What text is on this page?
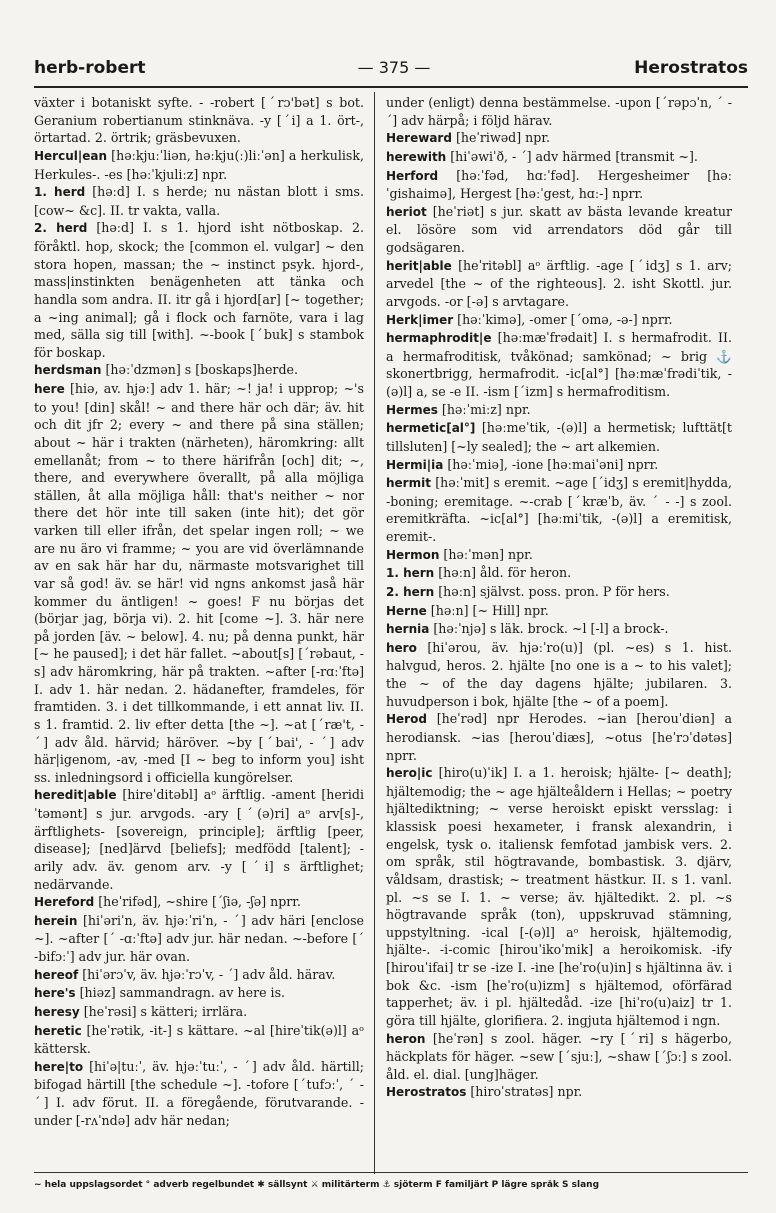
herb-robert	— 375 —	Herostratos

växter i botaniskt syfte. - -robert [ˊrɔ'bət] s bot. Geranium robertianum stinknäva. -y [ˊi] a 1. ört-, örtartad. 2. örtrik; gräsbevuxen.

Hercul|ean [həːkjuːˈliən, həːkju(ː)liːˈən] a herkulisk, Herkules-. -es [həːˈkjuliːz] npr.

1. herd [həːd] I. s herde; nu nästan blott i sms. [cow~ &c]. II. tr vakta, valla.

2. herd [həːd] I. s 1. hjord isht nötboskap. 2. föråktl. hop, skock; the [common el. vulgar] ~ den stora hopen, massan; the ~ instinct psyk. hjord-, mass|instinkten benägenheten att tänka och handla som andra. II. itr gå i hjord[ar] [~ together; a ~ing animal]; gå i flock och farnöte, vara i lag med, sälla sig till [with]. ~-book [ˊbuk] s stambok för boskap.

herdsman [həːˈdzmən] s [boskaps]herde.

here [hiə, av. hjəː] adv 1. här; ~! ja! i upprop; ~'s to you! [din] skål! ~ and there här och där; äv. hit och dit jfr 2; every ~ and there på sina ställen; about ~ här i trakten (närheten), häromkring: allt emellanåt; from ~ to there härifrån [och] dit; ~, there, and everywhere överallt, på alla möjliga ställen, åt alla möjliga håll: that's neither ~ nor there det hör inte till saken (inte hit); det gör varken till eller ifrån, det spelar ingen roll; ~ we are nu äro vi framme; ~ you are vid överlämnande av en sak här har du, närmaste motsvarighet till var så god! äv. se här! vid ngns ankomst jaså här kommer du äntligen! ~ goes! F nu börjas det (börjar jag, börja vi). 2. hit [come ~]. 3. här nere på jorden [äv. ~ below]. 4. nu; på denna punkt, här [~ he paused]; i det här fallet. ~about[s] [ˊrəbaut, -s] adv häromkring, här på trakten. ~after [-rɑːˈftə] I. adv 1. här nedan. 2. hädanefter, framdeles, för framtiden. 3. i det tillkommande, i ett annat liv. II. s 1. framtid. 2. liv efter detta [the ~]. ~at [ˊræ't, - ˊ] adv åld. härvid; häröver. ~by [ˊbai', - ˊ] adv här|igenom, -av, -med [I ~ beg to inform you] isht ss. inledningsord i officiella kungörelser.

heredit|able [hireˈditəbl] aᵒ ärftlig. -ament [heridiˈtəmənt] s jur. arvgods. -ary [ˊ(ə)ri] aᵒ arv[s]-, ärftlighets- [sovereign, principle]; ärftlig [peer, disease]; [ned]ärvd [beliefs]; medfödd [talent]; -arily adv. äv. genom arv. -y [ˊi] s ärftlighet; nedärvande.

Hereford [heˈrifəd], ~shire [ˊʃiə, -ʃə] nprr.

herein [hiˈəriˈn, äv. hjəːˈriˈn, - ˊ] adv häri [enclose ~]. ~after [ˊ -ɑːˈftə] adv jur. här nedan. ~-before [ˊ -bifɔːˈ] adv jur. här ovan.

hereof [hiˈərɔˈv, äv. hjəːˈrɔˈv, - ˊ] adv åld. härav.

here's [hiəz] sammandragn. av here is.

heresy [heˈrəsi] s kätteri; irrlära.

heretic [heˈrətik, -it-] s kättare. ~al [hireˈtik(ə)l] aᵒ kättersk.

here|to [hiˈə|tuːˈ, äv. hjəːˈtuːˈ, - ˊ] adv åld. härtill; bifogad härtill [the schedule ~]. -tofore [ˊtufɔːˈ, ˊ - ˊ] I. adv förut. II. a föregående, förutvarande. -under [-rʌˈndə] adv här nedan;

under (enligt) denna bestämmelse. -upon [ˊrəpɔˈn, ˊ - ˊ] adv härpå; i följd härav.

Hereward [heˈriwəd] npr.

herewith [hiˈəwiˈð, - ˊ] adv härmed [transmit ~].

Herford [həːˈfəd, hɑːˈfəd]. Hergesheimer [həːˈgishaimə], Hergest [həːˈgest, hɑː-] nprr.

heriot [heˈriət] s jur. skatt av bästa levande kreatur el. lösöre som vid arrendators död går till godsägaren.

herit|able [heˈritəbl] aᵒ ärftlig. -age [ˊidʒ] s 1. arv; arvedel [the ~ of the righteous]. 2. isht Skottl. jur. arvgods. -or [-ə] s arvtagare.

Herk|imer [həːˈkimə], -omer [ˊomə, -ə-] nprr.

hermaphrodit|e [həːmæˈfrədait] I. s hermafrodit. II. a hermafroditisk, tvåkönad; samkönad; ~ brig ⚓ skonertbrigg, hermafrodit. -ic[al°] [həːmæˈfrədiˈtik, -(ə)l] a, se -e II. -ism [ˊizm] s hermafroditism.

Hermes [həːˈmiːz] npr.

hermetic[al°] [həːmeˈtik, -(ə)l] a hermetisk; lufttät[t tillsluten] [~ly sealed]; the ~ art alkemien.

Hermi|ia [həːˈmiə], -ione [həːmaiˈəni] nprr.

hermit [həːˈmit] s eremit. ~age [ˊidʒ] s eremit|hydda, -boning; eremitage. ~-crab [ˊkræˈb, äv. ˊ - -] s zool. eremitkräfta. ~ic[al°] [həːmiˈtik, -(ə)l] a eremitisk, eremit-.

Hermon [həːˈmən] npr.

1. hern [həːn] åld. för heron.

2. hern [həːn] självst. poss. pron. P för hers.

Herne [həːn] [~ Hill] npr.

hernia [həːˈnjə] s läk. brock. ~l [-l] a brock-.

hero [hiˈərou, äv. hjəːˈro(u)] (pl. ~es) s 1. hist. halvgud, heros. 2. hjälte [no one is a ~ to his valet]; the ~ of the day dagens hjälte; jubilaren. 3. huvudperson i bok, hjälte [the ~ of a poem].

Herod [heˈrəd] npr Herodes. ~ian [herouˈdiən] a herodiansk. ~ias [herouˈdiæs], ~otus [heˈrɔˈdətəs] nprr.

hero|ic [hiro(u)ˈik] I. a 1. heroisk; hjälte- [~ death]; hjältemodig; the ~ age hjälteåldern i Hellas; ~ poetry hjältediktning; ~ verse heroiskt episkt versslag: i klassisk poesi hexameter, i fransk alexandrin, i engelsk, tysk o. italiensk femfotad jambisk vers. 2. om språk, stil högtravande, bombastisk. 3. djärv, våldsam, drastisk; ~ treatment hästkur. II. s 1. vanl. pl. ~s se I. 1. ~ verse; äv. hjältedikt. 2. pl. ~s högtravande språk (ton), uppskruvad stämning, uppstyltning. -ical [-(ə)l] aᵒ heroisk, hjältemodig, hjälte-. -i-comic [hirouˈikoˈmik] a heroikomisk. -ify [hirouˈifai] tr se -ize I. -ine [heˈro(u)in] s hjältinna äv. i bok &c. -ism [heˈro(u)izm] s hjältemod, oförfärad tapperhet; äv. i pl. hjältedåd. -ize [hiˈro(u)aiz] tr 1. göra till hjälte, glorifiera. 2. ingjuta hjältemod i ngn.

heron [heˈrən] s zool. häger. ~ry [ˊri] s hägerbo, häckplats för häger. ~sew [ˊsjuː], ~shaw [ˊʃɔː] s zool. åld. el. dial. [ung]häger.

Herostratos [hiroˈstratəs] npr.

~ hela uppslagsordet ° adverb regelbundet ✱ sällsynt ⚔ militärterm ⚓ sjöterm F familjärt P lägre språk S slang
